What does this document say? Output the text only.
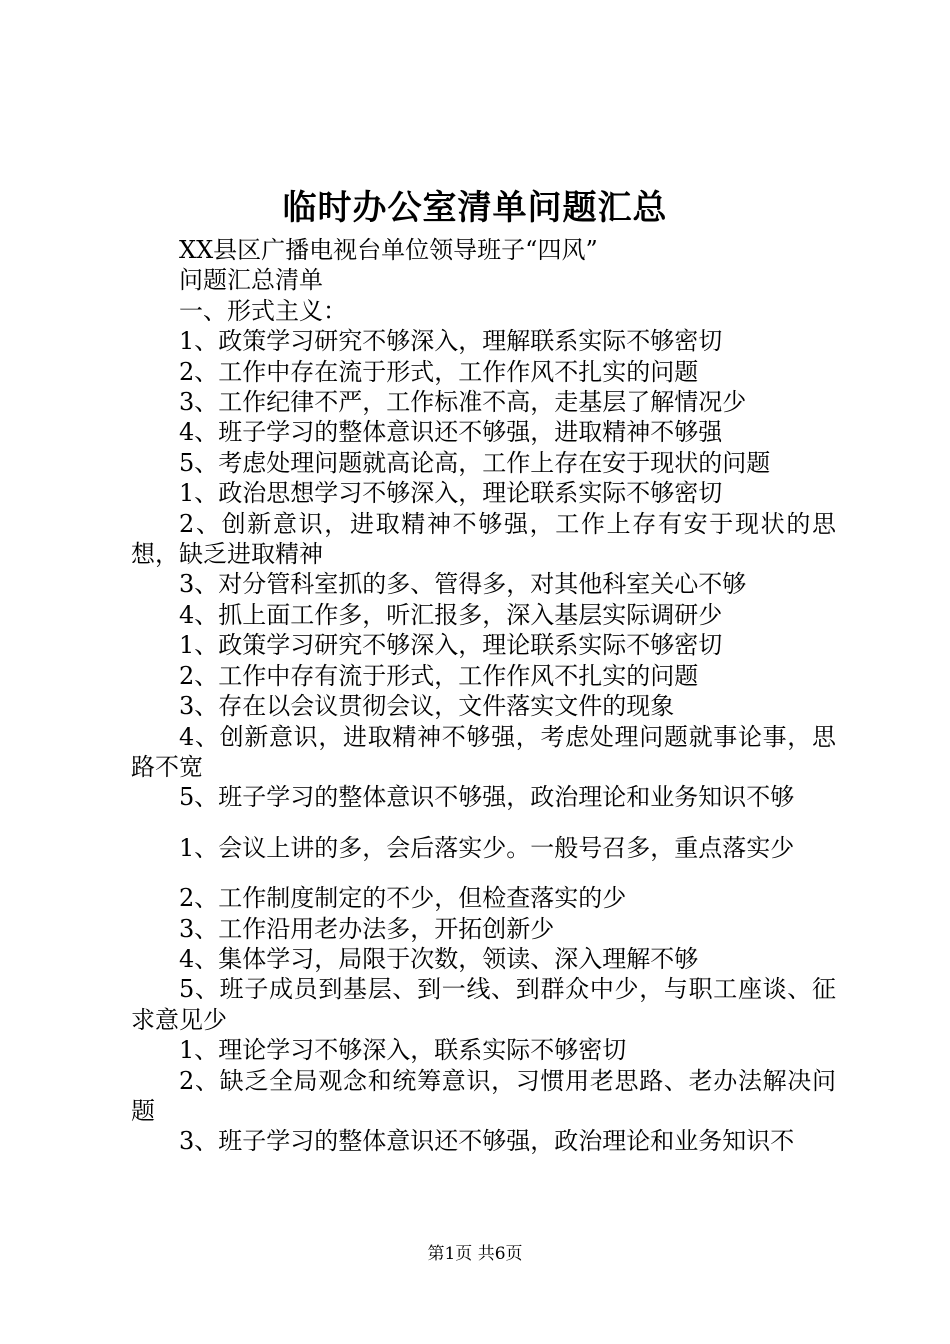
临时办公室清单问题汇总

XX县区广播电视台单位领导班子“四风”

问题汇总清单

一、形式主义：

1、政策学习研究不够深入，理解联系实际不够密切

2、工作中存在流于形式，工作作风不扎实的问题

3、工作纪律不严，工作标准不高，走基层了解情况少

4、班子学习的整体意识还不够强，进取精神不够强

5、考虑处理问题就高论高，工作上存在安于现状的问题

1、政治思想学习不够深入，理论联系实际不够密切

2、创新意识，进取精神不够强，工作上存有安于现状的思想，缺乏进取精神

3、对分管科室抓的多、管得多，对其他科室关心不够

4、抓上面工作多，听汇报多，深入基层实际调研少

1、政策学习研究不够深入，理论联系实际不够密切

2、工作中存有流于形式，工作作风不扎实的问题

3、存在以会议贯彻会议，文件落实文件的现象

4、创新意识，进取精神不够强，考虑处理问题就事论事，思路不宽

5、班子学习的整体意识不够强，政治理论和业务知识不够

1、会议上讲的多，会后落实少。一般号召多，重点落实少

2、工作制度制定的不少，但检查落实的少

3、工作沿用老办法多，开拓创新少

4、集体学习，局限于次数，领读、深入理解不够

5、班子成员到基层、到一线、到群众中少，与职工座谈、征求意见少

1、理论学习不够深入，联系实际不够密切

2、缺乏全局观念和统筹意识，习惯用老思路、老办法解决问题

3、班子学习的整体意识还不够强，政治理论和业务知识不

第1页 共6页
